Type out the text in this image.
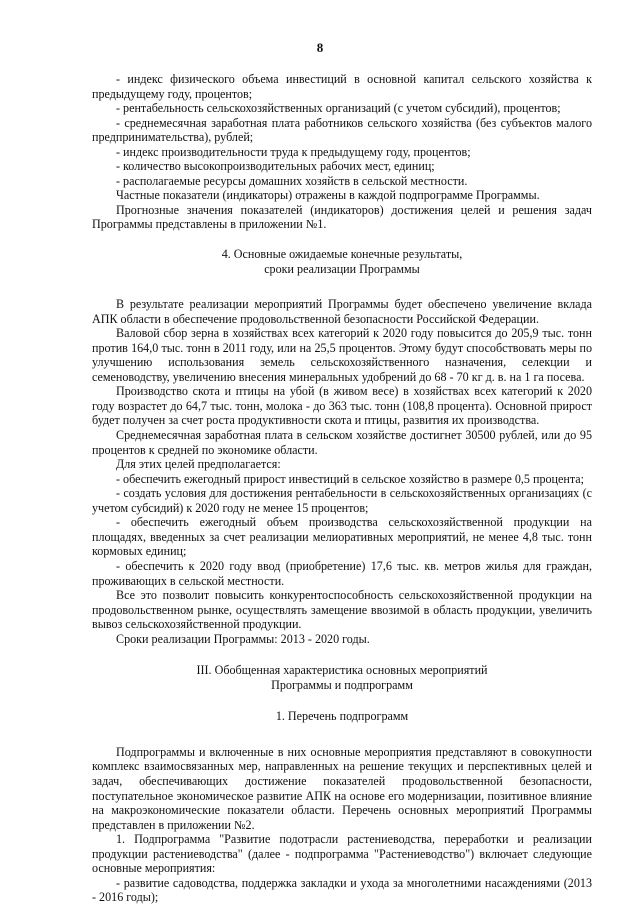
8

- индекс физического объема инвестиций в основной капитал сельского хозяйства к предыдущему году, процентов;

- рентабельность сельскохозяйственных организаций (с учетом субсидий), процентов;

- среднемесячная заработная плата работников сельского хозяйства (без субъектов малого предпринимательства), рублей;

- индекс производительности труда к предыдущему году, процентов;

- количество высокопроизводительных рабочих мест, единиц;

- располагаемые ресурсы домашних хозяйств в сельской местности.

Частные показатели (индикаторы) отражены в каждой подпрограмме Программы.

Прогнозные значения показателей (индикаторов) достижения целей и решения задач Программы представлены в приложении №1.

4. Основные ожидаемые конечные результаты,

сроки реализации Программы

В результате реализации мероприятий Программы будет обеспечено увеличение вклада АПК области в обеспечение продовольственной безопасности Российской Федерации.

Валовой сбор зерна в хозяйствах всех категорий к 2020 году повысится до 205,9 тыс. тонн против 164,0 тыс. тонн в 2011 году, или на 25,5 процентов. Этому будут способствовать меры по улучшению использования земель сельскохозяйственного назначения, селекции и семеноводству, увеличению внесения минеральных удобрений до 68 - 70 кг д. в. на 1 га посева.

Производство скота и птицы на убой (в живом весе) в хозяйствах всех категорий к 2020 году возрастет до 64,7 тыс. тонн, молока - до 363 тыс. тонн (108,8 процента). Основной прирост будет получен за счет роста продуктивности скота и птицы, развития их производства.

Среднемесячная заработная плата в сельском хозяйстве достигнет 30500 рублей, или до 95 процентов к средней по экономике области.

Для этих целей предполагается:

- обеспечить ежегодный прирост инвестиций в сельское хозяйство в размере 0,5 процента;

- создать условия для достижения рентабельности в сельскохозяйственных организациях (с учетом субсидий) к 2020 году не менее 15 процентов;

- обеспечить ежегодный объем производства сельскохозяйственной продукции на площадях, введенных за счет реализации мелиоративных мероприятий, не менее 4,8 тыс. тонн кормовых единиц;

- обеспечить к 2020 году ввод (приобретение) 17,6 тыс. кв. метров жилья для граждан, проживающих в сельской местности.

Все это позволит повысить конкурентоспособность сельскохозяйственной продукции на продовольственном рынке, осуществлять замещение ввозимой в область продукции, увеличить вывоз сельскохозяйственной продукции.

Сроки реализации Программы: 2013 - 2020 годы.

III. Обобщенная характеристика основных мероприятий

Программы и подпрограмм

1. Перечень подпрограмм

Подпрограммы и включенные в них основные мероприятия представляют в совокупности комплекс взаимосвязанных мер, направленных на решение текущих и перспективных целей и задач, обеспечивающих достижение показателей продовольственной безопасности, поступательное экономическое развитие АПК на основе его модернизации, позитивное влияние на макроэкономические показатели области. Перечень основных мероприятий Программы представлен в приложении №2.

1. Подпрограмма "Развитие подотрасли растениеводства, переработки и реализации продукции растениеводства" (далее - подпрограмма "Растениеводство") включает следующие основные мероприятия:

- развитие садоводства, поддержка закладки и ухода за многолетними насаждениями (2013 - 2016 годы);
